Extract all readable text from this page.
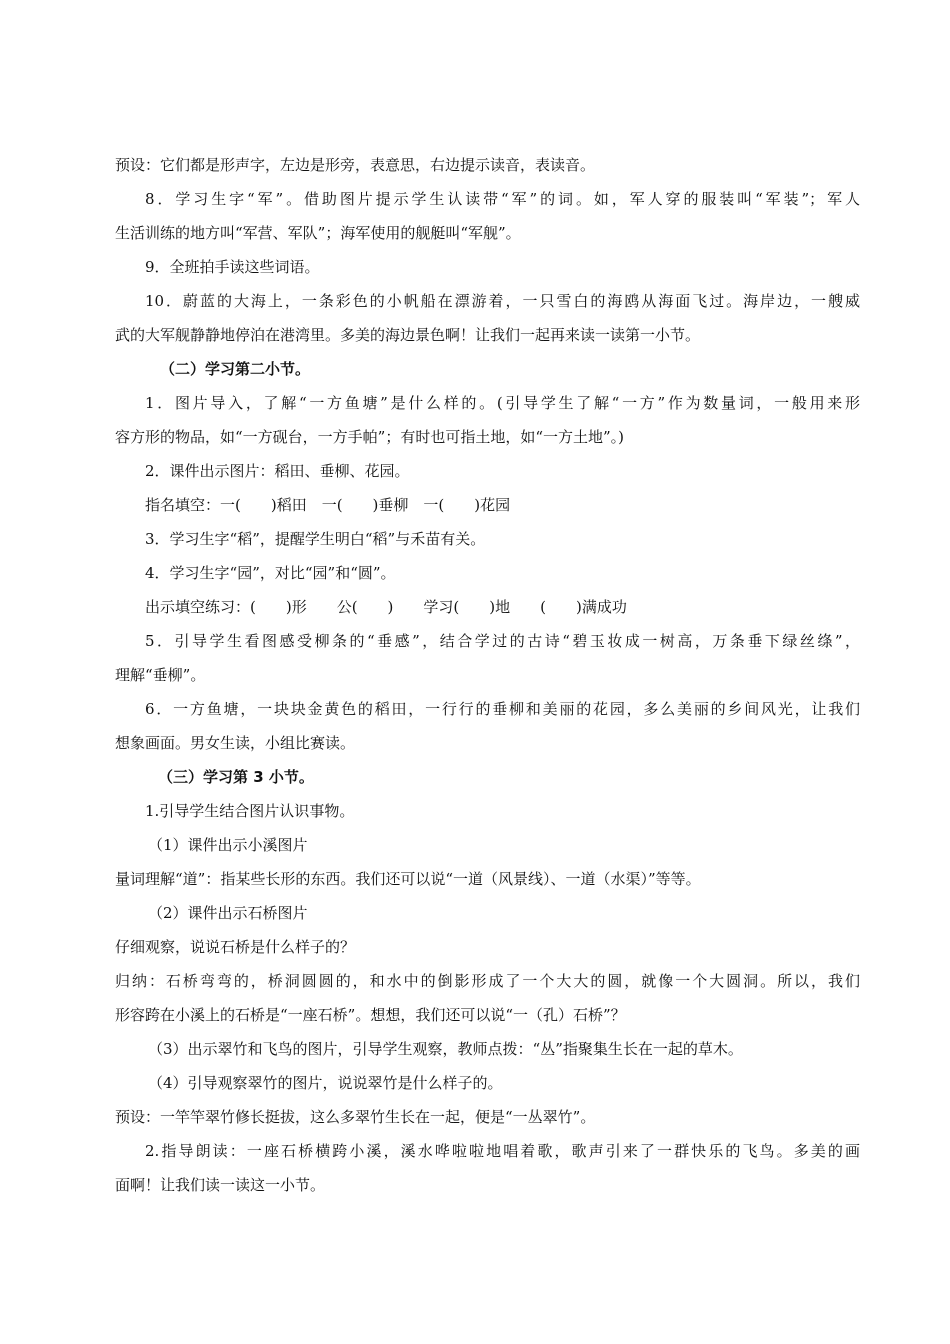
预设：它们都是形声字，左边是形旁，表意思，右边提示读音，表读音。
8．学习生字“军”。借助图片提示学生认读带“军”的词。如，军人穿的服装叫“军装”；军人
生活训练的地方叫“军营、军队”；海军使用的舰艇叫“军舰”。
9．全班拍手读这些词语。
10．蔚蓝的大海上，一条彩色的小帆船在漂游着，一只雪白的海鸥从海面飞过。海岸边，一艘威
武的大军舰静静地停泊在港湾里。多美的海边景色啊！让我们一起再来读一读第一小节。
（二）学习第二小节。
1．图片导入，了解“一方鱼塘”是什么样的。(引导学生了解“一方”作为数量词，一般用来形
容方形的物品，如“一方砚台，一方手帕”；有时也可指土地，如“一方土地”。)
2．课件出示图片：稻田、垂柳、花园。
指名填空：一(　　)稻田　一(　　)垂柳　一(　　)花园
3．学习生字“稻”，提醒学生明白“稻”与禾苗有关。
4．学习生字“园”，对比“园”和“圆”。
出示填空练习：(　　)形　　公(　　)　　学习(　　)地　　(　　)满成功
5．引导学生看图感受柳条的“垂感”，结合学过的古诗“碧玉妆成一树高，万条垂下绿丝绦”，
理解“垂柳”。
6．一方鱼塘，一块块金黄色的稻田，一行行的垂柳和美丽的花园，多么美丽的乡间风光，让我们
想象画面。男女生读，小组比赛读。
（三）学习第 3 小节。
1.引导学生结合图片认识事物。
（1）课件出示小溪图片
量词理解“道”：指某些长形的东西。我们还可以说“一道（风景线）、一道（水渠）”等等。
（2）课件出示石桥图片
仔细观察，说说石桥是什么样子的？
归纳：石桥弯弯的，桥洞圆圆的，和水中的倒影形成了一个大大的圆，就像一个大圆洞。所以，我们
形容跨在小溪上的石桥是“一座石桥”。想想，我们还可以说“一（孔）石桥”？
（3）出示翠竹和飞鸟的图片，引导学生观察，教师点拨：“丛”指聚集生长在一起的草木。
（4）引导观察翠竹的图片，说说翠竹是什么样子的。
预设：一竿竿翠竹修长挺拔，这么多翠竹生长在一起，便是“一丛翠竹”。
2.指导朗读：一座石桥横跨小溪，溪水哗啦啦地唱着歌，歌声引来了一群快乐的飞鸟。多美的画
面啊！让我们读一读这一小节。
